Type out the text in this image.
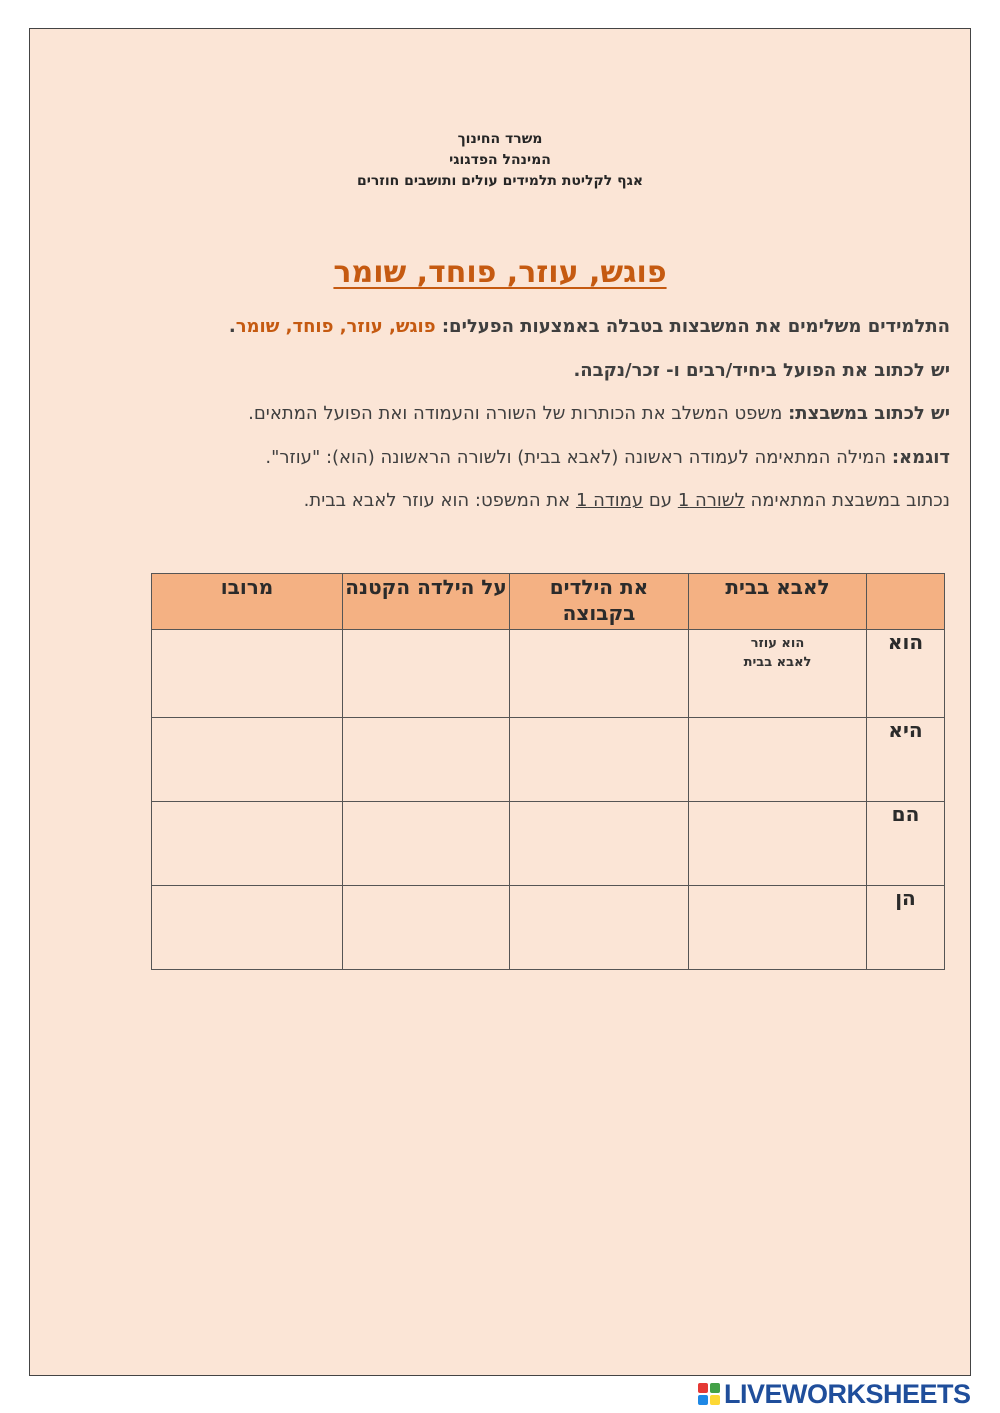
משרד החינוך
המינהל הפדגוגי
אגף לקליטת תלמידים עולים ותושבים חוזרים
פוגש, עוזר, פוחד, שומר
התלמידים משלימים את המשבצות בטבלה באמצעות הפעלים: פוגש, עוזר, פוחד, שומר.
יש לכתוב את הפועל ביחיד/רבים ו- זכר/נקבה.
יש לכתוב במשבצת: משפט המשלב את הכותרות של השורה והעמודה ואת הפועל המתאים.
דוגמא: המילה המתאימה לעמודה ראשונה (לאבא בבית) ולשורה הראשונה (הוא): "עוזר".
נכתוב במשבצת המתאימה לשורה 1 עם עמודה 1 את המשפט: הוא עוזר לאבא בבית.
	לאבא בבית	את הילדים בקבוצה	על הילדה הקטנה	מרובו
הוא	הוא עוזר
לאבא בבית			

היא				
הם				
הן				
LIVEWORKSHEETS
